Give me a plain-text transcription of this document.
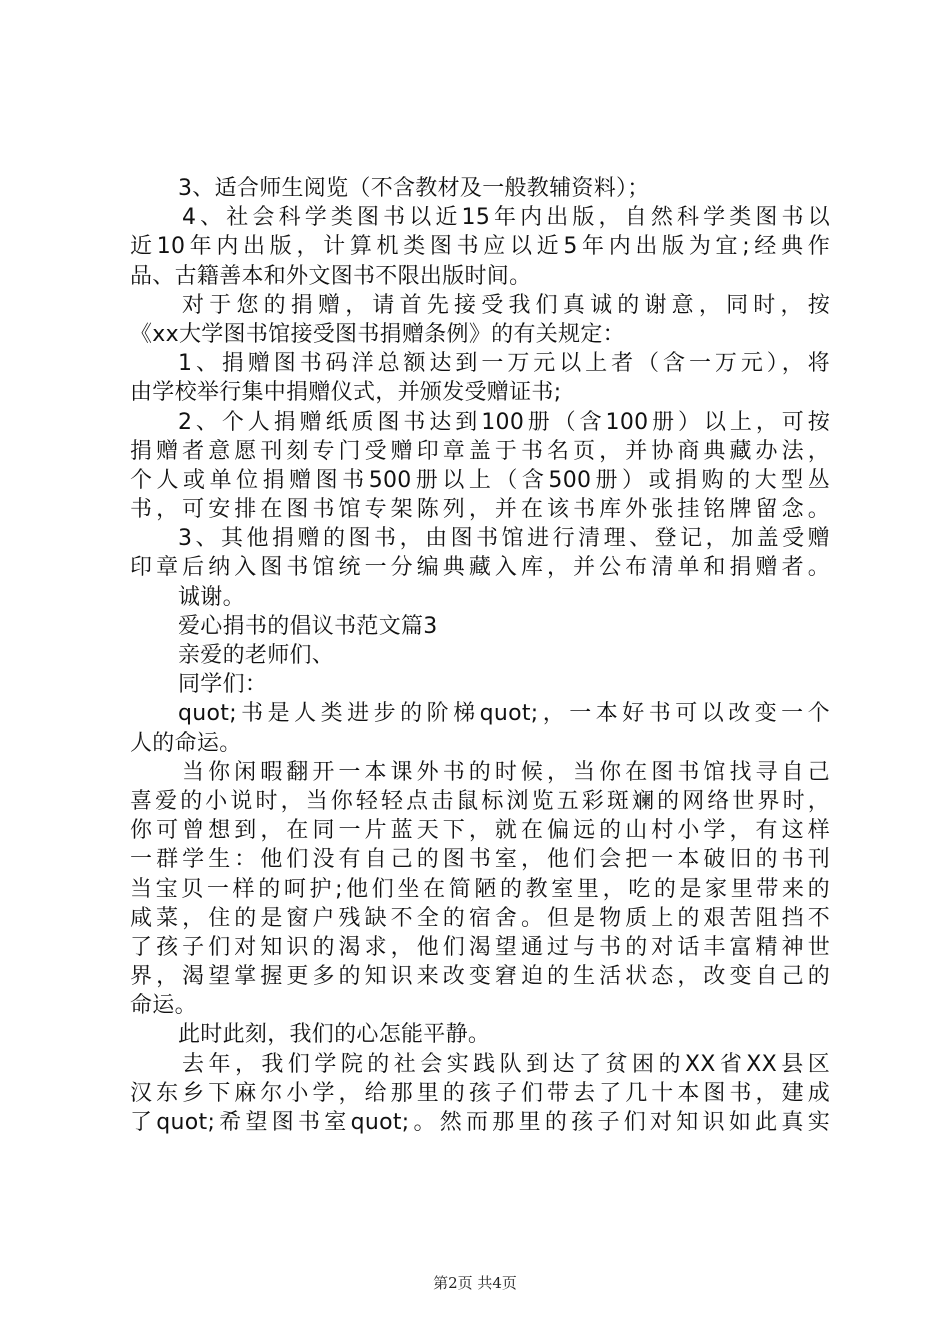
3、适合师生阅览（不含教材及一般教辅资料）；
4、社会科学类图书以近15年内出版，自然科学类图书以
近10年内出版，计算机类图书应以近5年内出版为宜;经典作
品、古籍善本和外文图书不限出版时间。
对于您的捐赠，请首先接受我们真诚的谢意，同时，按
《xx大学图书馆接受图书捐赠条例》的有关规定：
1、捐赠图书码洋总额达到一万元以上者（含一万元），将
由学校举行集中捐赠仪式，并颁发受赠证书;
2、个人捐赠纸质图书达到100册（含100册）以上，可按
捐赠者意愿刊刻专门受赠印章盖于书名页，并协商典藏办法，
个人或单位捐赠图书500册以上（含500册）或捐购的大型丛
书，可安排在图书馆专架陈列，并在该书库外张挂铭牌留念。
3、其他捐赠的图书，由图书馆进行清理、登记，加盖受赠
印章后纳入图书馆统一分编典藏入库，并公布清单和捐赠者。
诚谢。
爱心捐书的倡议书范文篇3
亲爱的老师们、
同学们：
quot;书是人类进步的阶梯quot;，一本好书可以改变一个
人的命运。
当你闲暇翻开一本课外书的时候，当你在图书馆找寻自己
喜爱的小说时，当你轻轻点击鼠标浏览五彩斑斓的网络世界时，
你可曾想到，在同一片蓝天下，就在偏远的山村小学，有这样
一群学生：他们没有自己的图书室，他们会把一本破旧的书刊
当宝贝一样的呵护;他们坐在简陋的教室里，吃的是家里带来的
咸菜，住的是窗户残缺不全的宿舍。但是物质上的艰苦阻挡不
了孩子们对知识的渴求，他们渴望通过与书的对话丰富精神世
界，渴望掌握更多的知识来改变窘迫的生活状态，改变自己的
命运。
此时此刻，我们的心怎能平静。
去年，我们学院的社会实践队到达了贫困的XX省XX县区
汉东乡下麻尔小学，给那里的孩子们带去了几十本图书，建成
了quot;希望图书室quot;。然而那里的孩子们对知识如此真实
第2页 共4页
